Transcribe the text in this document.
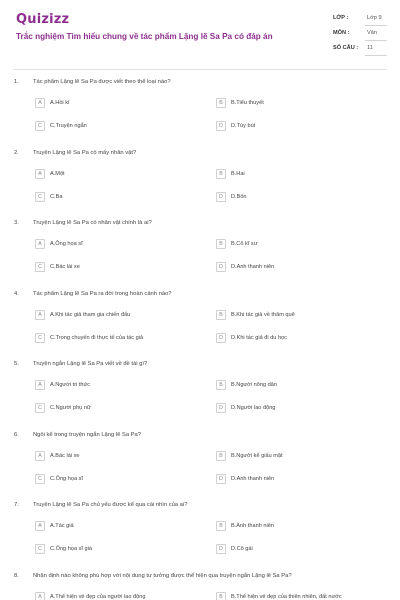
Quizizz
Trắc nghiệm Tìm hiểu chung về tác phẩm Lặng lẽ Sa Pa có đáp án
LỚP :	Lớp 9
MÔN :	Văn
SỐ CÂU : 11
1. Tác phẩm Lặng lẽ Sa Pa được viết theo thể loại nào?
A	A.Hồi kí	B	B.Tiểu thuyết
C	C.Truyện ngắn	D	D.Tùy bút
2. Truyện Lặng lẽ Sa Pa có mấy nhân vật?
A	A.Một	B	B.Hai
C	C.Ba	D	D.Bốn
3. Truyện Lặng lẽ Sa Pa có nhân vật chính là ai?
A	A.Ông họa sĩ	B	B.Cô kĩ sư
C	C.Bác lái xe	D	D.Anh thanh niên
4. Tác phẩm Lặng lẽ Sa Pa ra đời trong hoàn cảnh nào?
A	A.Khi tác giả tham gia chiến đấu	B	B.Khi tác giả về thăm quê
C	C.Trong chuyến đi thực tế của tác giả	D	D.Khi tác giả đi du học
5. Truyện ngắn Lặng lẽ Sa Pa viết về đề tài gì?
A	A.Người tri thức	B	B.Người nông dân
C	C.Người phụ nữ	D	D.Người lao động
6. Ngôi kể trong truyện ngắn Lặng lẽ Sa Pa?
A	A.Bác lái xe	B	B.Người kể giấu mặt
C	C.Ông họa sĩ	D	D.Anh thanh niên
7. Truyện Lặng lẽ Sa Pa chủ yếu được kể qua cái nhìn của ai?
A	A.Tác giả	B	B.Anh thanh niên
C	C.Ông họa sĩ già	D	D.Cô gái
8. Nhận định nào không phù hợp với nội dung tư tưởng được thể hiện qua truyện ngắn Lặng lẽ Sa Pa?
A	A.Thể hiện vẻ đẹp của người lao động	B	B.Thể hiện vẻ đẹp của thiên nhiên, đất nước
